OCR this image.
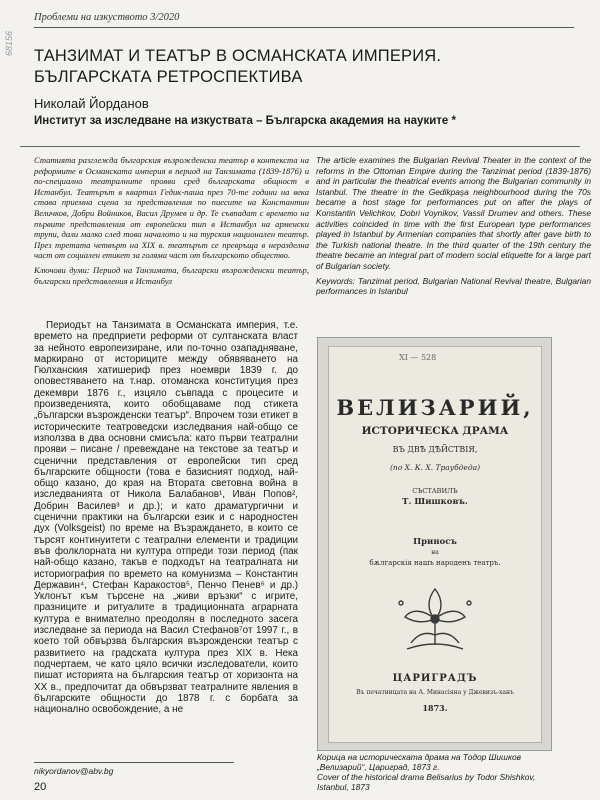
68156
Проблеми на изкуството 3/2020
ТАНЗИМАТ И ТЕАТЪР В ОСМАНСКАТА ИМПЕРИЯ.
БЪЛГАРСКАТА РЕТРОСПЕКТИВА
Николай Йорданов
Институт за изследване на изкуствата – Българска академия на науките *
Статията разглежда българския възрожденски театър в контекста на реформите в Османската империя в период на Танзимата (1839-1876) и по-специално театралните прояви сред българската общност в Истанбул. Театърът в квартал Гедик-паша през 70-те години на века става приемна сцена за представления по пиесите на Константин Величков, Добри Войников, Васил Друмев и др. Те съвпадат с времето на първите представления от европейски тип в Истанбул на арменски трупи, дали малко след това началото и на турския национален театър. През третата четвърт на XIX в. театърът се превръща в неразделна част от социален етикет за голяма част от българското общество.
Ключови думи: Период на Танзимата, български възрожденски театър, български представления в Истанбул
The article examines the Bulgarian Revival Theater in the context of the reforms in the Ottoman Empire during the Tanzimat period (1839-1876) and in particular the theatrical events among the Bulgarian community in Istanbul. The theatre in the Gedikpaşa neighbourhood during the 70s became a host stage for performances put on after the plays of Konstantin Velichkov, Dobri Voynikov, Vassil Drumev and others. These activities coincided in time with the first European type performances played in Istanbul by Armenian companies that shortly after gave birth to the Turkish national theatre. In the third quarter of the 19th century the theatre became an integral part of modern social etiquette for a large part of Bulgarian society.
Keywords: Tanzimat period, Bulgarian National Revival theatre, Bulgarian performances in Istanbul

Периодът на Танзимата в Османската империя, т.е. времето на предприети реформи от султанската власт за нейното европеизиране, или по-точно озападняване, маркирано от историците между обявяването на Гюлханския хатишериф през ноември 1839 г. до оповестяването на т.нар. отоманска конституция през декември 1876 г., изцяло съвпада с процесите и произведенията, които обобщаваме под стикета „български възрожденски театър“. Впрочем този етикет в историческите театроведски изследвания най-общо се използва в два основни смисъла: като първи театрални прояви – писане / превеждане на текстове за театър и сценични представления от европейски тип сред българските общности (това е базисният подход, най-общо казано, до края на Втората световна война в изследванията от Никола Балабанов¹, Иван Попов², Добрин Василев³ и др.); и като драматургични и сценични практики на български език и с народностен дух (Volksgeist) по време на Възраждането, в които се търсят континуитети с театрални елементи и традиции във фолклорната ни култура отпреди този период (пак най-общо казано, такъв е подходът на театралната ни историография по времето на комунизма – Константин Державин⁴, Стефан Каракостов⁵, Пенчо Пенев⁶ и др.) Уклонът към търсене на „живи връзки“ с игрите, празниците и ритуалите в традиционната аграрната култура е внимателно преодолян в последното засега изследване за периода на Васил Стефанов⁷от 1997 г., в което той обвързва българския възрожденски театър с развитието на градската култура през XIX в. Нека подчертаем, че като цяло всички изследователи, които пишат историята на българския театър от хоризонта на XX в., предпочитат да обвързват театралните явления в българските общности до 1878 г. с борбата за национално освобождение, а не

XI — 528
ВЕЛИЗАРИЙ,
ИСТОРИЧЕСКА ДРАМА
ВЪ ДВѢ ДѢЙСТВІЯ,
(по Х. К. Х. Траубдеда)
СЪСТАВИЛЪ
Т. Шишковъ.
Приносъ
на
бѫлгарскiя нашъ народенъ театръ.
ЦАРИГРАДЪ
Въ печатницата на А. Минасiяна у Джевизъ-ханъ
1873.
Корица на историческата драма на Тодор Шишков „Велизарий“, Цариград, 1873 г.
Cover of the historical drama Belisarius by Todor Shishkov, Istanbul, 1873
nikyordanov@abv.bg
20
